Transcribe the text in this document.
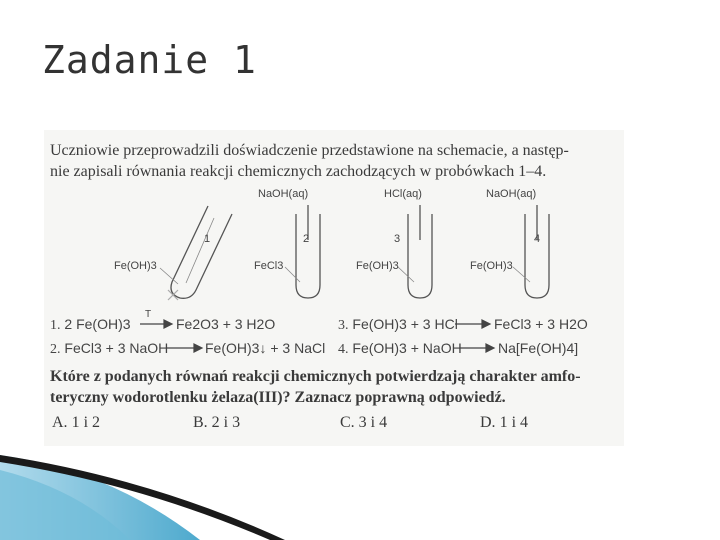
Zadanie 1
Uczniowie przeprowadzili doświadczenie przedstawione na schemacie, a następ-
nie zapisali równania reakcji chemicznych zachodzących w probówkach 1–4.
1	2	3	4
NaOH(aq)	HCl(aq)	NaOH(aq)
Fe(OH)3	FeCl3	Fe(OH)3	Fe(OH)3
1. 2 Fe(OH)3
T
Fe2O3 + 3 H2O
2. FeCl3 + 3 NaOH	Fe(OH)3↓ + 3 NaCl
3. Fe(OH)3 + 3 HCl	FeCl3 + 3 H2O
4. Fe(OH)3 + NaOH	Na[Fe(OH)4]
Które z podanych równań reakcji chemicznych potwierdzają charakter amfo-
teryczny wodorotlenku żelaza(III)? Zaznacz poprawną odpowiedź.
A. 1 i 2	B. 2 i 3	C. 3 i 4	D. 1 i 4
